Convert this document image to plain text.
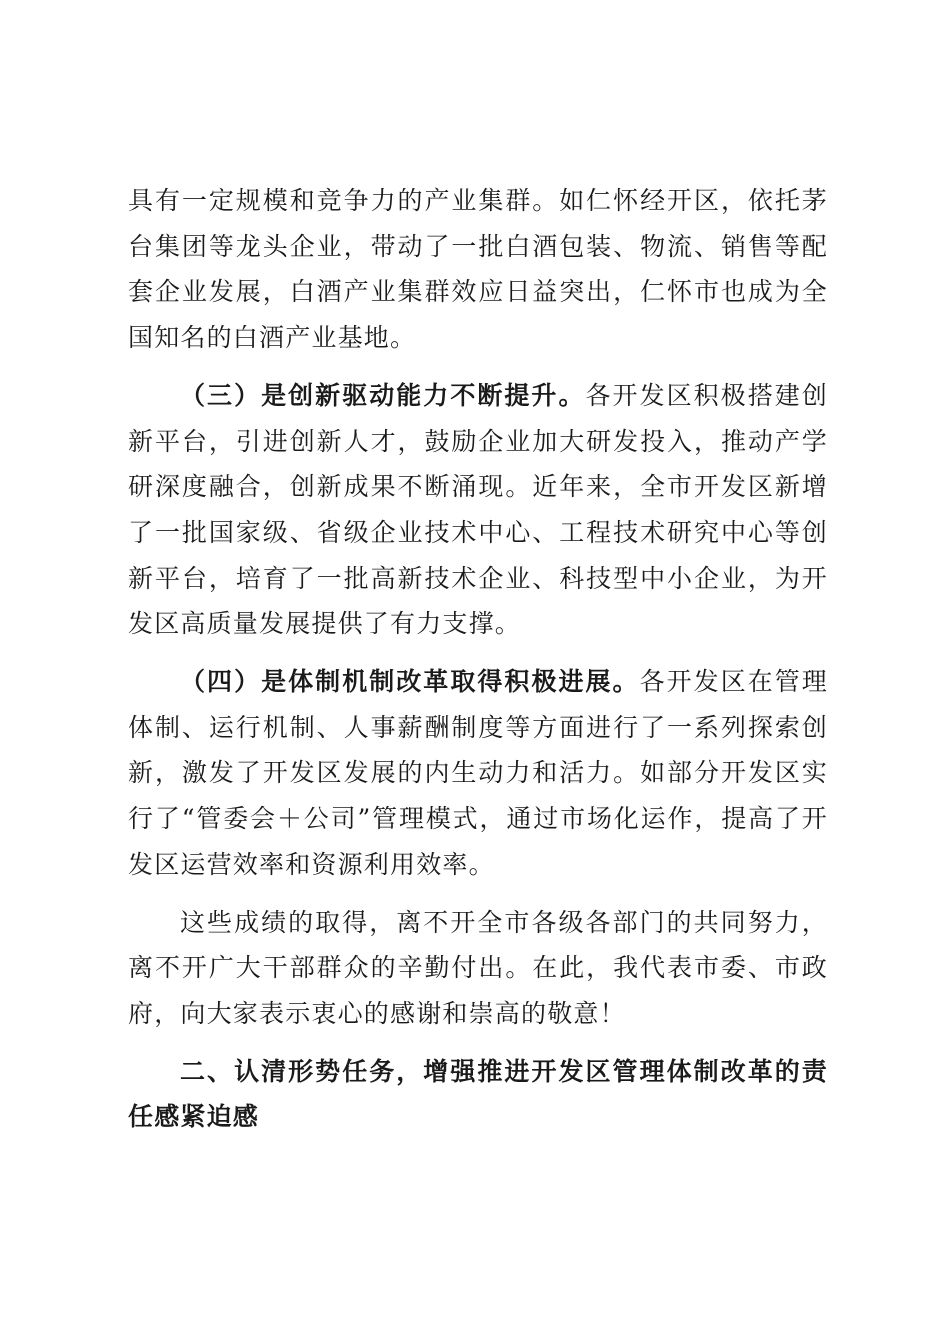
具有一定规模和竞争力的产业集群。如仁怀经开区，依托茅台集团等龙头企业，带动了一批白酒包装、物流、销售等配套企业发展，白酒产业集群效应日益突出，仁怀市也成为全国知名的白酒产业基地。

（三）是创新驱动能力不断提升。各开发区积极搭建创新平台，引进创新人才，鼓励企业加大研发投入，推动产学研深度融合，创新成果不断涌现。近年来，全市开发区新增了一批国家级、省级企业技术中心、工程技术研究中心等创新平台，培育了一批高新技术企业、科技型中小企业，为开发区高质量发展提供了有力支撑。

（四）是体制机制改革取得积极进展。各开发区在管理体制、运行机制、人事薪酬制度等方面进行了一系列探索创新，激发了开发区发展的内生动力和活力。如部分开发区实行了“管委会＋公司”管理模式，通过市场化运作，提高了开发区运营效率和资源利用效率。

这些成绩的取得，离不开全市各级各部门的共同努力，离不开广大干部群众的辛勤付出。在此，我代表市委、市政府，向大家表示衷心的感谢和崇高的敬意！

二、认清形势任务，增强推进开发区管理体制改革的责任感紧迫感
